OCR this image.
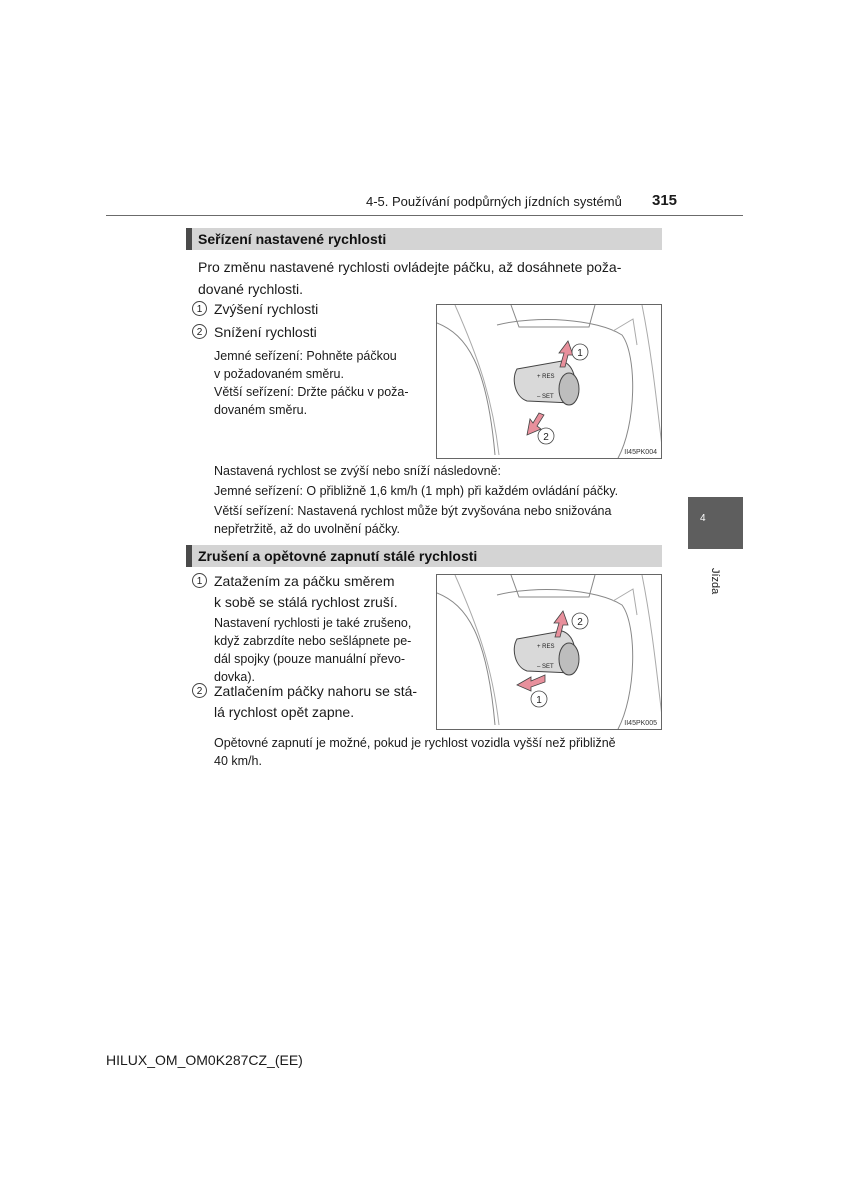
4-5. Používání podpůrných jízdních systémů 315
4
Jízda
Seřízení nastavené rychlosti
Pro změnu nastavené rychlosti ovládejte páčku, až dosáhnete poža-
dované rychlosti.
1 Zvýšení rychlosti
2 Snížení rychlosti
Jemné seřízení: Pohněte páčkou
v požadovaném směru.
Větší seřízení: Držte páčku v poža-
dovaném směru.
+ RES
– SET
1
2
II45PK004
Nastavená rychlost se zvýší nebo sníží následovně:
Jemné seřízení: O přibližně 1,6 km/h (1 mph) při každém ovládání páčky.
Větší seřízení: Nastavená rychlost může být zvyšována nebo snižována
nepřetržitě, až do uvolnění páčky.
Zrušení a opětovné zapnutí stálé rychlosti
1 Zatažením za páčku směrem
k sobě se stálá rychlost zruší.
Nastavení rychlosti je také zrušeno,
když zabrzdíte nebo sešlápnete pe-
dál spojky (pouze manuální převo-
dovka).
2 Zatlačením páčky nahoru se stá-
lá rychlost opět zapne.
+ RES
– SET
1
2
II45PK005
Opětovné zapnutí je možné, pokud je rychlost vozidla vyšší než přibližně
40 km/h.
HILUX_OM_OM0K287CZ_(EE)
